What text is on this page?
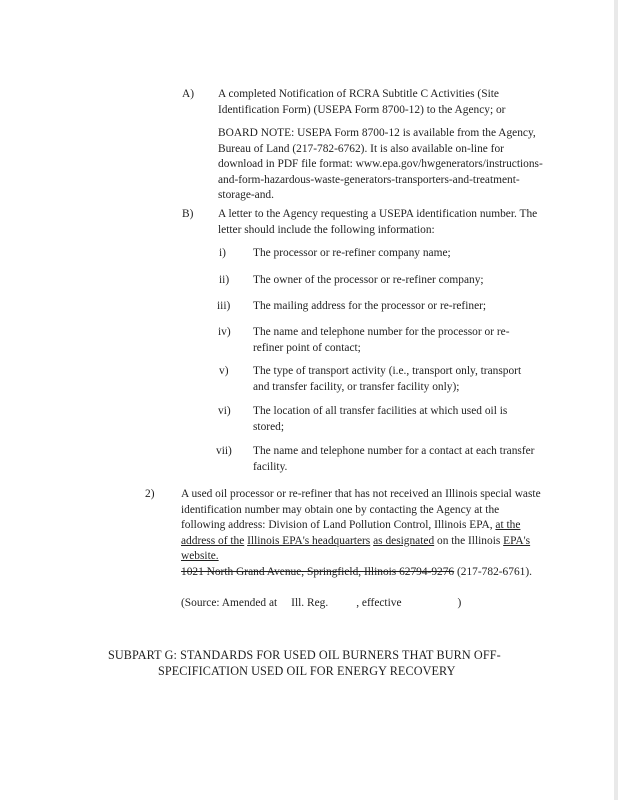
A) A completed Notification of RCRA Subtitle C Activities (Site Identification Form) (USEPA Form 8700-12) to the Agency; or
BOARD NOTE: USEPA Form 8700-12 is available from the Agency, Bureau of Land (217-782-6762). It is also available on-line for download in PDF file format: www.epa.gov/hwgenerators/instructions-and-form-hazardous-waste-generators-transporters-and-treatment-storage-and.
B) A letter to the Agency requesting a USEPA identification number. The letter should include the following information:
i) The processor or re-refiner company name;
ii) The owner of the processor or re-refiner company;
iii) The mailing address for the processor or re-refiner;
iv) The name and telephone number for the processor or re-refiner point of contact;
v) The type of transport activity (i.e., transport only, transport and transfer facility, or transfer facility only);
vi) The location of all transfer facilities at which used oil is stored;
vii) The name and telephone number for a contact at each transfer facility.
2) A used oil processor or re-refiner that has not received an Illinois special waste identification number may obtain one by contacting the Agency at the following address: Division of Land Pollution Control, Illinois EPA, at the address of the Illinois EPA's headquarters as designated on the Illinois EPA's website.
1021 North Grand Avenue, Springfield, Illinois 62794-9276 (217-782-6761).
(Source: Amended at Ill. Reg. , effective	)
SUBPART G: STANDARDS FOR USED OIL BURNERS THAT BURN OFF-
SPECIFICATION USED OIL FOR ENERGY RECOVERY
